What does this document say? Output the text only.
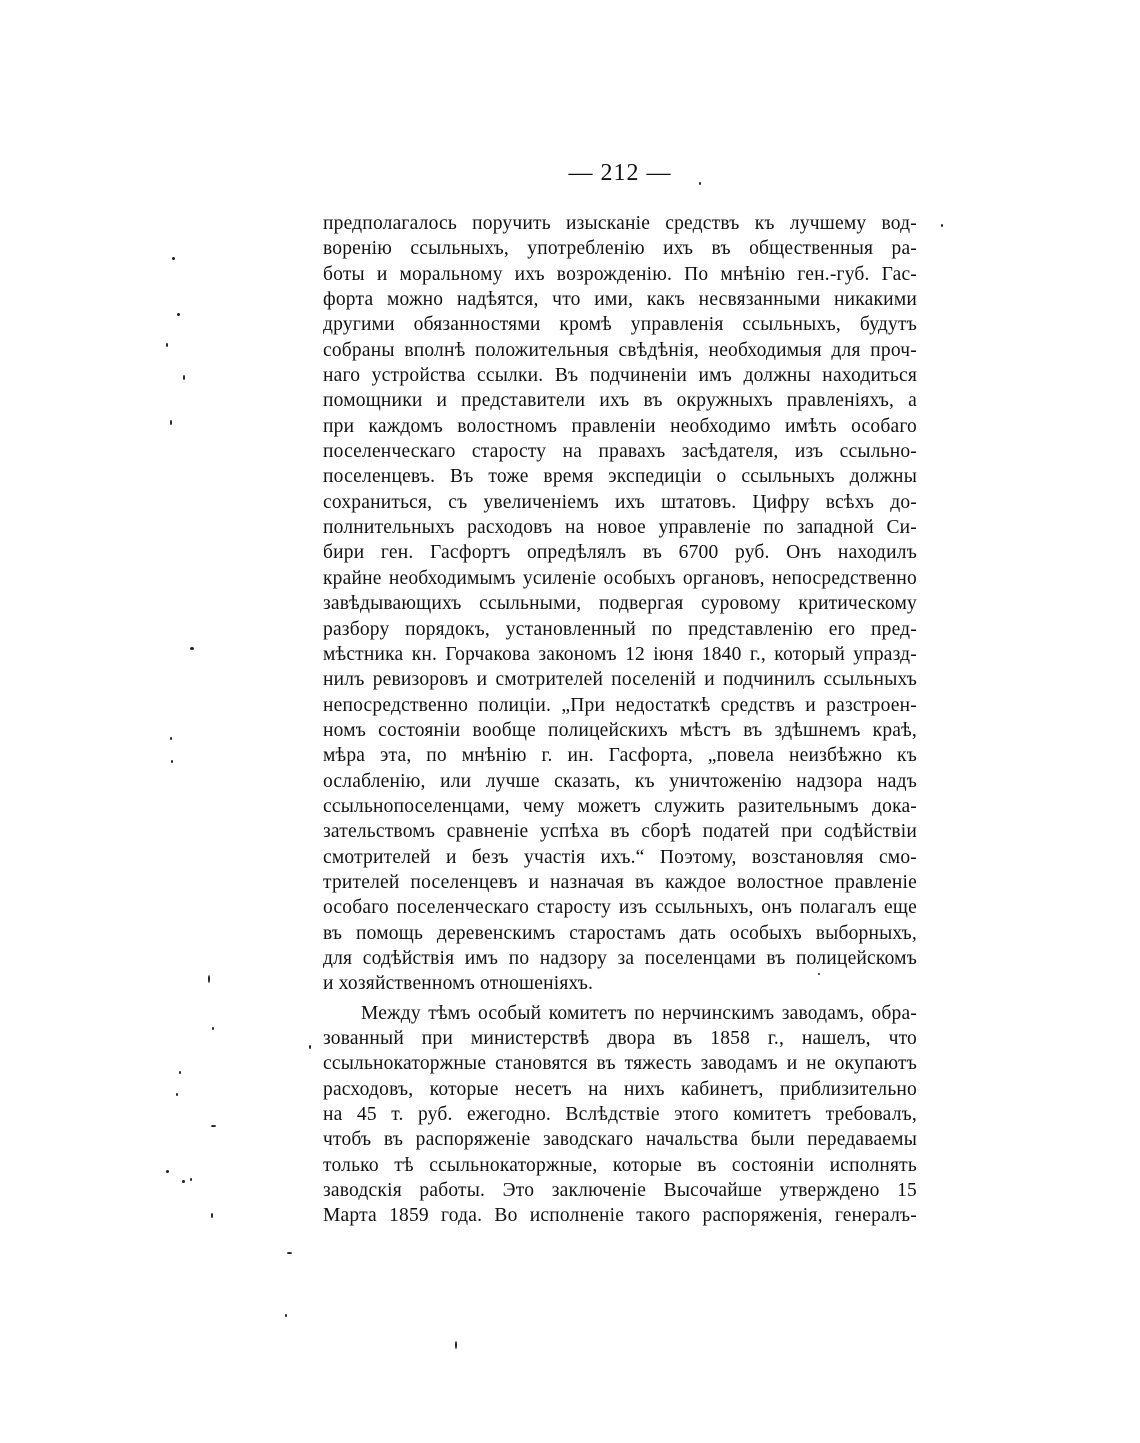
— 212 —
предполагалось поручить изысканіе средствъ къ лучшему вод-
воренію ссыльныхъ, употребленію ихъ въ общественныя ра-
боты и моральному ихъ возрожденію. По мнѣнію ген.-губ. Гас-
форта можно надѣятся, что ими, какъ несвязанными никакими
другими обязанностями кромѣ управленія ссыльныхъ, будутъ
собраны вполнѣ положительныя свѣдѣнія, необходимыя для проч-
наго устройства ссылки. Въ подчиненіи имъ должны находиться
помощники и представители ихъ въ окружныхъ правленіяхъ, а
при каждомъ волостномъ правленіи необходимо имѣть особаго
поселенческаго старосту на правахъ засѣдателя, изъ ссыльно-
поселенцевъ. Въ тоже время экспедиціи о ссыльныхъ должны
сохраниться, съ увеличеніемъ ихъ штатовъ. Цифру всѣхъ до-
полнительныхъ расходовъ на новое управленіе по западной Си-
бири ген. Гасфортъ опредѣлялъ въ 6700 руб. Онъ находилъ
крайне необходимымъ усиленіе особыхъ органовъ, непосредственно
завѣдывающихъ ссыльными, подвергая суровому критическому
разбору порядокъ, установленный по представленію его пред-
мѣстника кн. Горчакова закономъ 12 іюня 1840 г., который упразд-
нилъ ревизоровъ и смотрителей поселеній и подчинилъ ссыльныхъ
непосредственно полиціи. „При недостаткѣ средствъ и разстроен-
номъ состояніи вообще полицейскихъ мѣстъ въ здѣшнемъ краѣ,
мѣра эта, по мнѣнію г. ин. Гасфорта, „повела неизбѣжно къ
ослабленію, или лучше сказать, къ уничтоженію надзора надъ
ссыльнопоселенцами, чему можетъ служить разительнымъ дока-
зательствомъ сравненіе успѣха въ сборѣ податей при содѣйствіи
смотрителей и безъ участія ихъ.“ Поэтому, возстановляя смо-
трителей поселенцевъ и назначая въ каждое волостное правленіе
особаго поселенческаго старосту изъ ссыльныхъ, онъ полагалъ еще
въ помощь деревенскимъ старостамъ дать особыхъ выборныхъ,
для содѣйствія имъ по надзору за поселенцами въ полицейскомъ
и хозяйственномъ отношеніяхъ.
Между тѣмъ особый комитетъ по нерчинскимъ заводамъ, обра-
зованный при министерствѣ двора въ 1858 г., нашелъ, что
ссыльнокаторжные становятся въ тяжесть заводамъ и не окупаютъ
расходовъ, которые несетъ на нихъ кабинетъ, приблизительно
на 45 т. руб. ежегодно. Вслѣдствіе этого комитетъ требовалъ,
чтобъ въ распоряженіе заводскаго начальства были передаваемы
только тѣ ссыльнокаторжные, которые въ состояніи исполнять
заводскія работы. Это заключеніе Высочайше утверждено 15
Марта 1859 года. Во исполненіе такого распоряженія, генералъ-
